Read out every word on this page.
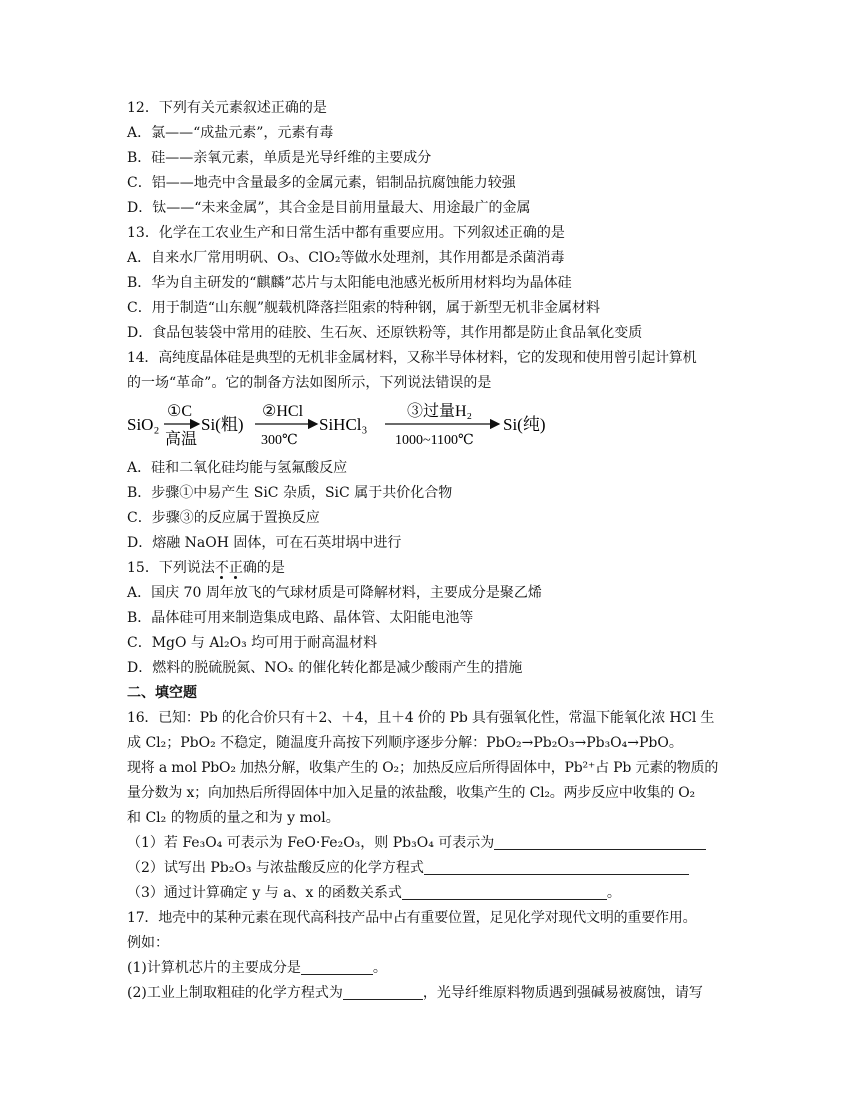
12．下列有关元素叙述正确的是
A．氯——“成盐元素”，元素有毒
B．硅——亲氧元素，单质是光导纤维的主要成分
C．铝——地壳中含量最多的金属元素，铝制品抗腐蚀能力较强
D．钛——“未来金属”，其合金是目前用量最大、用途最广的金属
13．化学在工农业生产和日常生活中都有重要应用。下列叙述正确的是
A．自来水厂常用明矾、O₃、ClO₂等做水处理剂，其作用都是杀菌消毒
B．华为自主研发的“麒麟”芯片与太阳能电池感光板所用材料均为晶体硅
C．用于制造“山东舰”舰载机降落拦阻索的特种钢，属于新型无机非金属材料
D．食品包装袋中常用的硅胶、生石灰、还原铁粉等，其作用都是防止食品氧化变质
14．高纯度晶体硅是典型的无机非金属材料，又称半导体材料，它的发现和使用曾引起计算机
的一场“革命”。它的制备方法如图所示，下列说法错误的是
SiO₂
①C
高温
Si(粗)
②HCl
300℃
SiHCl₃
③过量H₂
1000~1100℃
Si(纯)
A．硅和二氧化硅均能与氢氟酸反应
B．步骤①中易产生 SiC 杂质，SiC 属于共价化合物
C．步骤③的反应属于置换反应
D．熔融 NaOH 固体，可在石英坩埚中进行
15．下列说法不正确的是
A．国庆 70 周年放飞的气球材质是可降解材料，主要成分是聚乙烯
B．晶体硅可用来制造集成电路、晶体管、太阳能电池等
C．MgO 与 Al₂O₃ 均可用于耐高温材料
D．燃料的脱硫脱氮、NOₓ 的催化转化都是减少酸雨产生的措施
二、填空题
16．已知：Pb 的化合价只有＋2、＋4，且＋4 价的 Pb 具有强氧化性，常温下能氧化浓 HCl 生
成 Cl₂；PbO₂ 不稳定，随温度升高按下列顺序逐步分解：PbO₂→Pb₂O₃→Pb₃O₄→PbO。
现将 a mol PbO₂ 加热分解，收集产生的 O₂；加热反应后所得固体中，Pb²⁺占 Pb 元素的物质的
量分数为 x；向加热后所得固体中加入足量的浓盐酸，收集产生的 Cl₂。两步反应中收集的 O₂
和 Cl₂ 的物质的量之和为 y mol。
（1）若 Fe₃O₄ 可表示为 FeO·Fe₂O₃，则 Pb₃O₄ 可表示为
（2）试写出 Pb₂O₃ 与浓盐酸反应的化学方程式
（3）通过计算确定 y 与 a、x 的函数关系式	。
17．地壳中的某种元素在现代高科技产品中占有重要位置，足见化学对现代文明的重要作用。
例如：
(1)计算机芯片的主要成分是	。
(2)工业上制取粗硅的化学方程式为	，光导纤维原料物质遇到强碱易被腐蚀，请写
